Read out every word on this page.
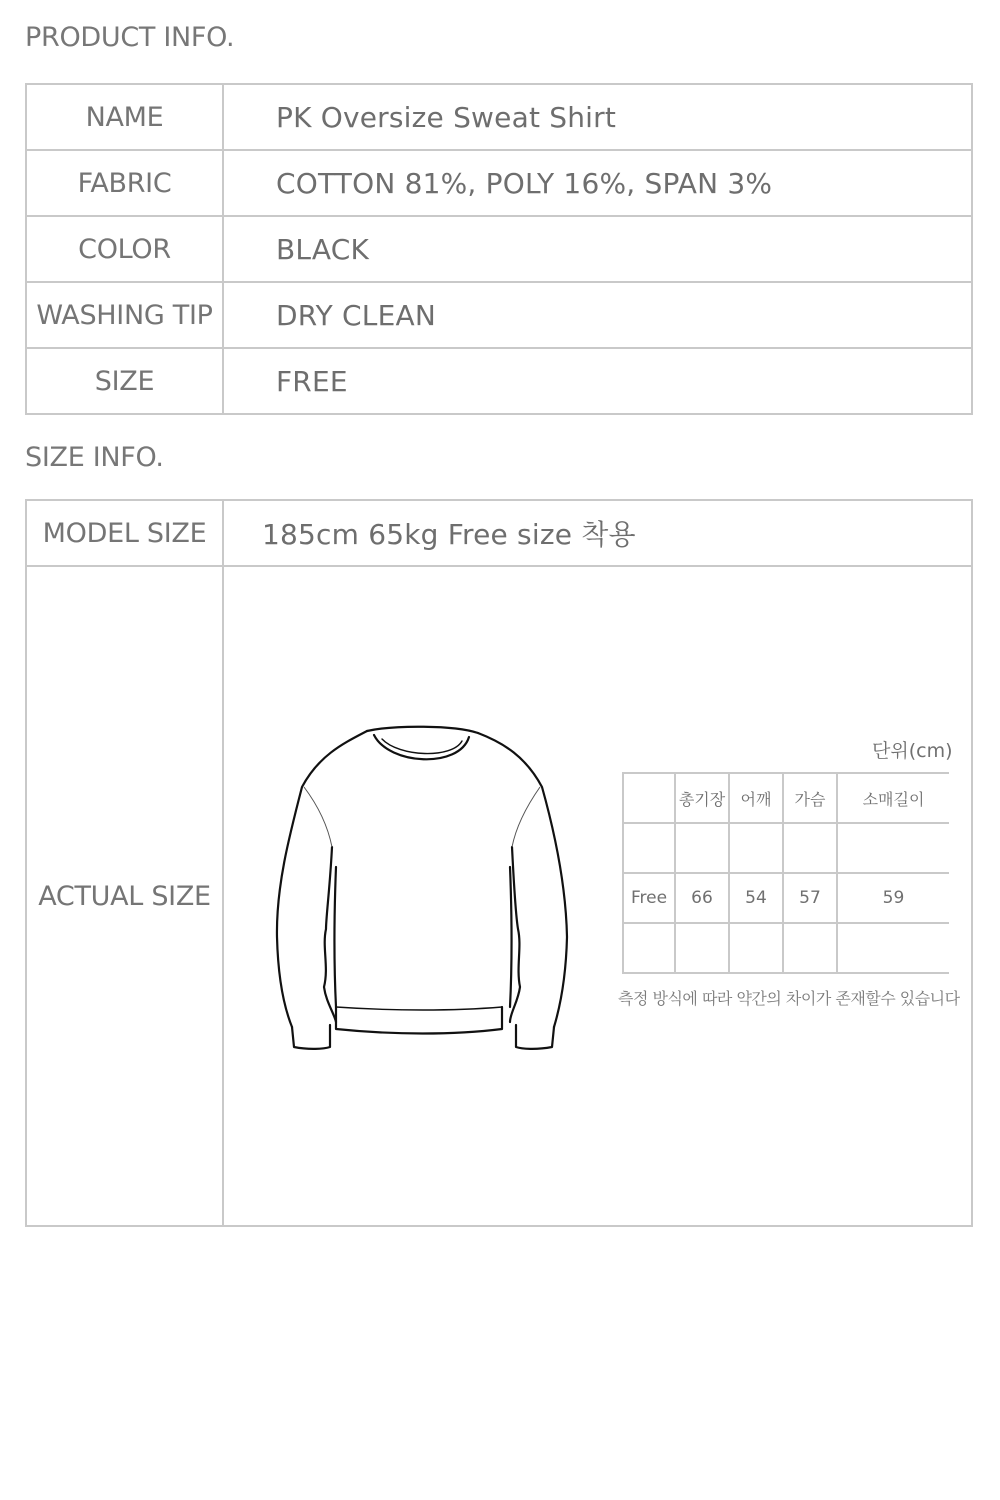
PRODUCT INFO.
NAME	PK Oversize Sweat Shirt
FABRIC	COTTON 81%, POLY 16%, SPAN 3%
COLOR	BLACK
WASHING TIP	DRY CLEAN
SIZE	FREE
SIZE INFO.
MODEL SIZE	185cm 65kg Free size 착용
ACTUAL SIZE	
단위(cm)
	총기장	어깨	가슴	소매길이

Free	66	54	57	59

측정 방식에 따라 약간의 차이가 존재할수 있습니다
